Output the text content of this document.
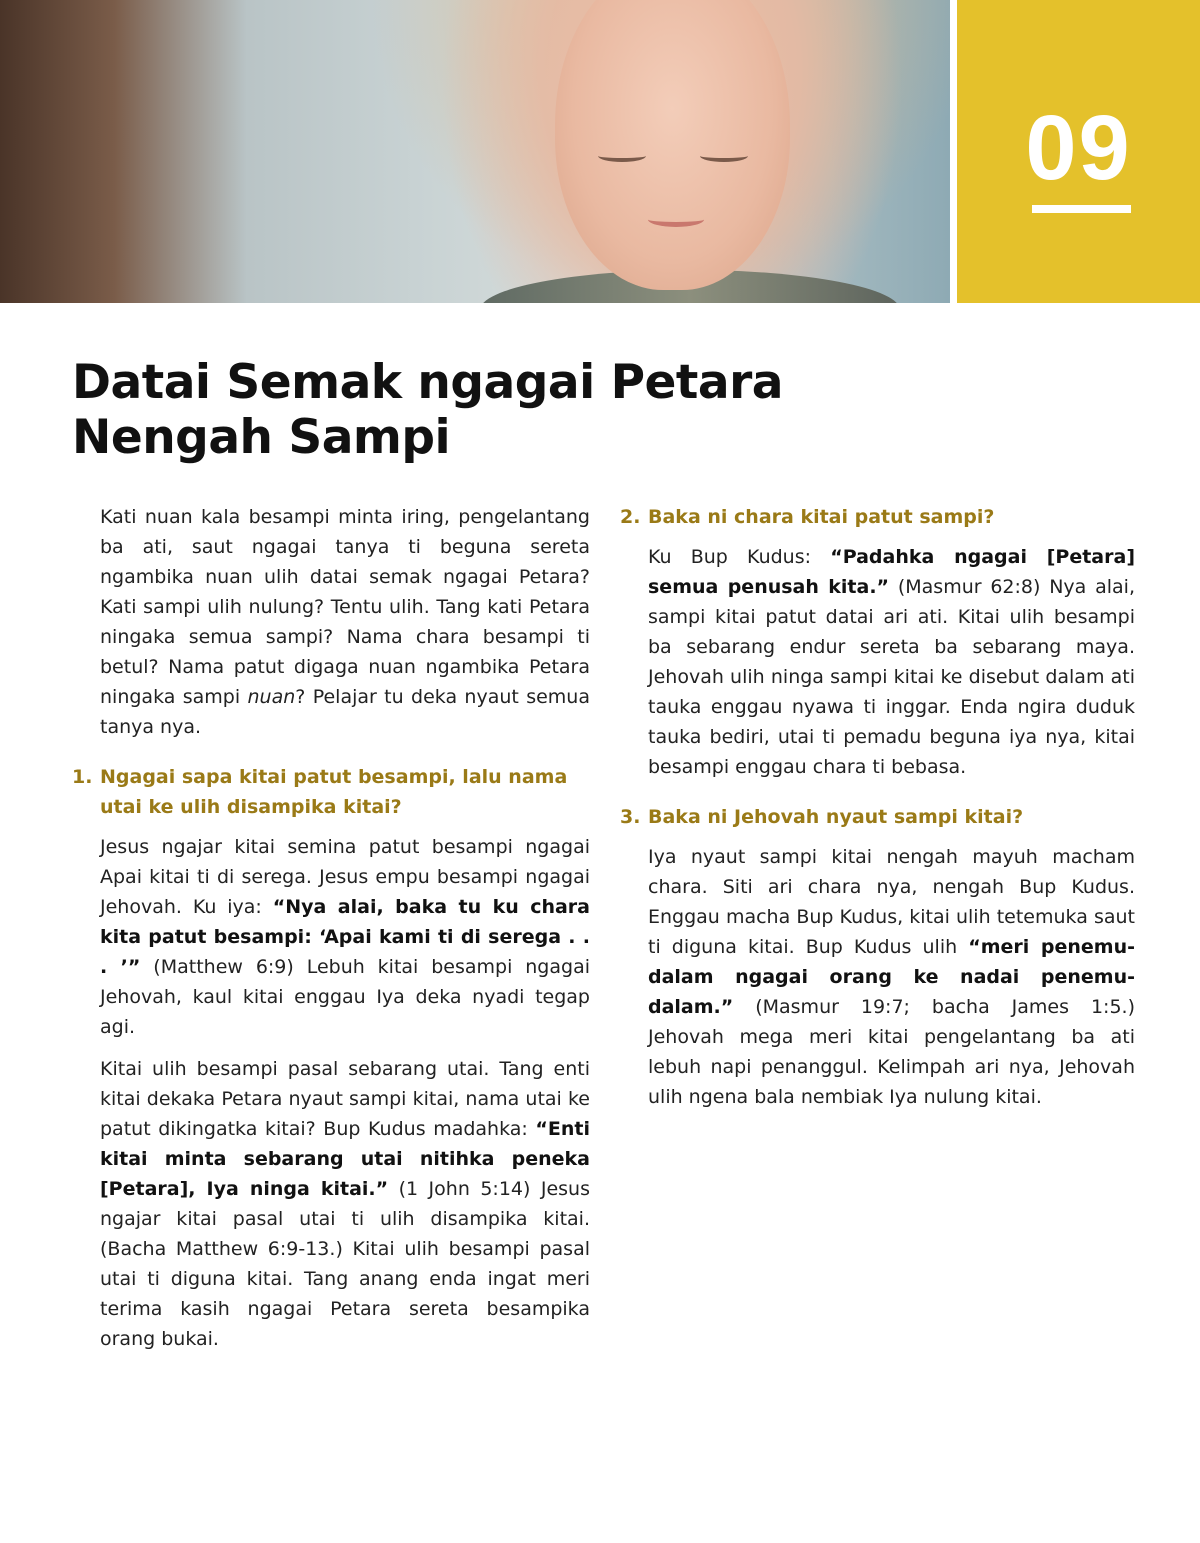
09
Datai Semak ngagai Petara
Nengah Sampi

Kati nuan kala besampi minta iring, pengelantang ba ati, saut ngagai tanya ti beguna sereta ngambika nuan ulih datai semak ngagai Petara? Kati sampi ulih nulung? Tentu ulih. Tang kati Petara ningaka semua sampi? Nama chara besampi ti betul? Nama patut digaga nuan ngambika Petara ningaka sampi nuan? Pelajar tu deka nyaut semua tanya nya.

1. Ngagai sapa kitai patut besampi, lalu nama utai ke ulih disampika kitai?

Jesus ngajar kitai semina patut besampi ngagai Apai kitai ti di serega. Jesus empu besampi ngagai Jehovah. Ku iya: “Nya alai, baka tu ku chara kita patut besampi: ‘Apai kami ti di serega . . . ’” (Matthew 6:9) Lebuh kitai besampi ngagai Jehovah, kaul kitai enggau Iya deka nyadi tegap agi.

Kitai ulih besampi pasal sebarang utai. Tang enti kitai dekaka Petara nyaut sampi kitai, nama utai ke patut dikingatka kitai? Bup Kudus madahka: “Enti kitai minta sebarang utai nitihka peneka [Petara], Iya ninga kitai.” (1 John 5:14) Jesus ngajar kitai pasal utai ti ulih disampika kitai. (Bacha Matthew 6:9-13.) Kitai ulih besampi pasal utai ti diguna kitai. Tang anang enda ingat meri terima kasih ngagai Petara sereta besampika orang bukai.

2. Baka ni chara kitai patut sampi?

Ku Bup Kudus: “Padahka ngagai [Petara] semua penusah kita.” (Masmur 62:8) Nya alai, sampi kitai patut datai ari ati. Kitai ulih besampi ba sebarang endur sereta ba sebarang maya. Jehovah ulih ninga sampi kitai ke disebut dalam ati tauka enggau nyawa ti inggar. Enda ngira duduk tauka bediri, utai ti pemadu beguna iya nya, kitai besampi enggau chara ti bebasa.

3. Baka ni Jehovah nyaut sampi kitai?

Iya nyaut sampi kitai nengah mayuh macham chara. Siti ari chara nya, nengah Bup Kudus. Enggau macha Bup Kudus, kitai ulih tetemuka saut ti diguna kitai. Bup Kudus ulih “meri penemu-dalam ngagai orang ke nadai penemu-dalam.” (Masmur 19:7; bacha James 1:5.) Jehovah mega meri kitai pengelantang ba ati lebuh napi penanggul. Kelimpah ari nya, Jehovah ulih ngena bala nembiak Iya nulung kitai.
